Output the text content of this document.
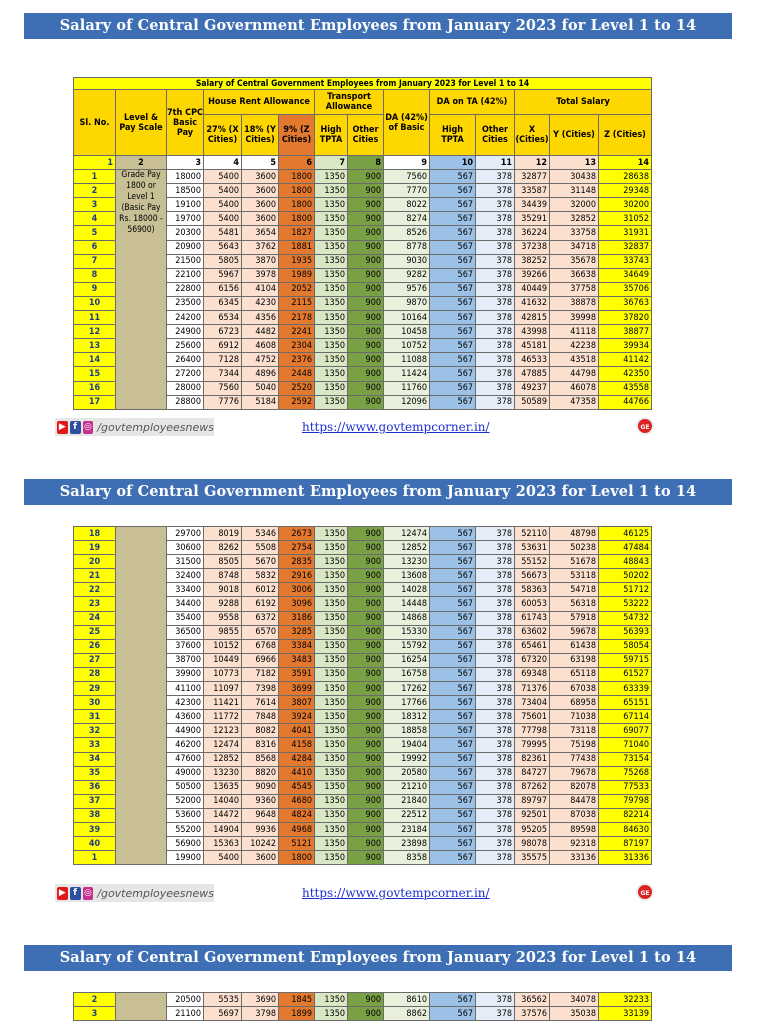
Salary of Central Government Employees from January 2023 for Level 1 to 14
Salary of Central Government Employees from January 2023 for Level 1 to 14													
Sl. No.	Level & Pay Scale	7th CPC Basic Pay	House Rent Allowance			Transport Allowance		DA (42%) of Basic	DA on TA (42%)		Total Salary		
			27% (X Cities)	18% (Y Cities)	9% (Z Cities)	High TPTA	Other Cities		High TPTA	Other Cities	X (Cities)	Y (Cities)	Z (Cities)
1	2	3	4	5	6	7	8	9	10	11	12	13	14
1	Grade Pay 1800 or Level 1 (Basic Pay Rs. 18000 - 56900)	18000	5400	3600	1800	1350	900	7560	567	378	32877	30438	28638
2		18500	5400	3600	1800	1350	900	7770	567	378	33587	31148	29348
3		19100	5400	3600	1800	1350	900	8022	567	378	34439	32000	30200
4		19700	5400	3600	1800	1350	900	8274	567	378	35291	32852	31052
5		20300	5481	3654	1827	1350	900	8526	567	378	36224	33758	31931
6		20900	5643	3762	1881	1350	900	8778	567	378	37238	34718	32837
7		21500	5805	3870	1935	1350	900	9030	567	378	38252	35678	33743
8		22100	5967	3978	1989	1350	900	9282	567	378	39266	36638	34649
9		22800	6156	4104	2052	1350	900	9576	567	378	40449	37758	35706
10		23500	6345	4230	2115	1350	900	9870	567	378	41632	38878	36763
11		24200	6534	4356	2178	1350	900	10164	567	378	42815	39998	37820
12		24900	6723	4482	2241	1350	900	10458	567	378	43998	41118	38877
13		25600	6912	4608	2304	1350	900	10752	567	378	45181	42238	39934
14		26400	7128	4752	2376	1350	900	11088	567	378	46533	43518	41142
15		27200	7344	4896	2448	1350	900	11424	567	378	47885	44798	42350
16		28000	7560	5040	2520	1350	900	11760	567	378	49237	46078	43558
17		28800	7776	5184	2592	1350	900	12096	567	378	50589	47358	44766
▶ f ◎ /govtemployeesnews	https://www.govtempcorner.in/	GE
Salary of Central Government Employees from January 2023 for Level 1 to 14
18		29700	8019	5346	2673	1350	900	12474	567	378	52110	48798	46125
19		30600	8262	5508	2754	1350	900	12852	567	378	53631	50238	47484
20		31500	8505	5670	2835	1350	900	13230	567	378	55152	51678	48843
21		32400	8748	5832	2916	1350	900	13608	567	378	56673	53118	50202
22		33400	9018	6012	3006	1350	900	14028	567	378	58363	54718	51712
23		34400	9288	6192	3096	1350	900	14448	567	378	60053	56318	53222
24		35400	9558	6372	3186	1350	900	14868	567	378	61743	57918	54732
25		36500	9855	6570	3285	1350	900	15330	567	378	63602	59678	56393
26		37600	10152	6768	3384	1350	900	15792	567	378	65461	61438	58054
27		38700	10449	6966	3483	1350	900	16254	567	378	67320	63198	59715
28		39900	10773	7182	3591	1350	900	16758	567	378	69348	65118	61527
29		41100	11097	7398	3699	1350	900	17262	567	378	71376	67038	63339
30		42300	11421	7614	3807	1350	900	17766	567	378	73404	68958	65151
31		43600	11772	7848	3924	1350	900	18312	567	378	75601	71038	67114
32		44900	12123	8082	4041	1350	900	18858	567	378	77798	73118	69077
33		46200	12474	8316	4158	1350	900	19404	567	378	79995	75198	71040
34		47600	12852	8568	4284	1350	900	19992	567	378	82361	77438	73154
35		49000	13230	8820	4410	1350	900	20580	567	378	84727	79678	75268
36		50500	13635	9090	4545	1350	900	21210	567	378	87262	82078	77533
37		52000	14040	9360	4680	1350	900	21840	567	378	89797	84478	79798
38		53600	14472	9648	4824	1350	900	22512	567	378	92501	87038	82214
39		55200	14904	9936	4968	1350	900	23184	567	378	95205	89598	84630
40		56900	15363	10242	5121	1350	900	23898	567	378	98078	92318	87197
1		19900	5400	3600	1800	1350	900	8358	567	378	35575	33136	31336
▶ f ◎ /govtemployeesnews	https://www.govtempcorner.in/	GE
Salary of Central Government Employees from January 2023 for Level 1 to 14
2		20500	5535	3690	1845	1350	900	8610	567	378	36562	34078	32233
3		21100	5697	3798	1899	1350	900	8862	567	378	37576	35038	33139
